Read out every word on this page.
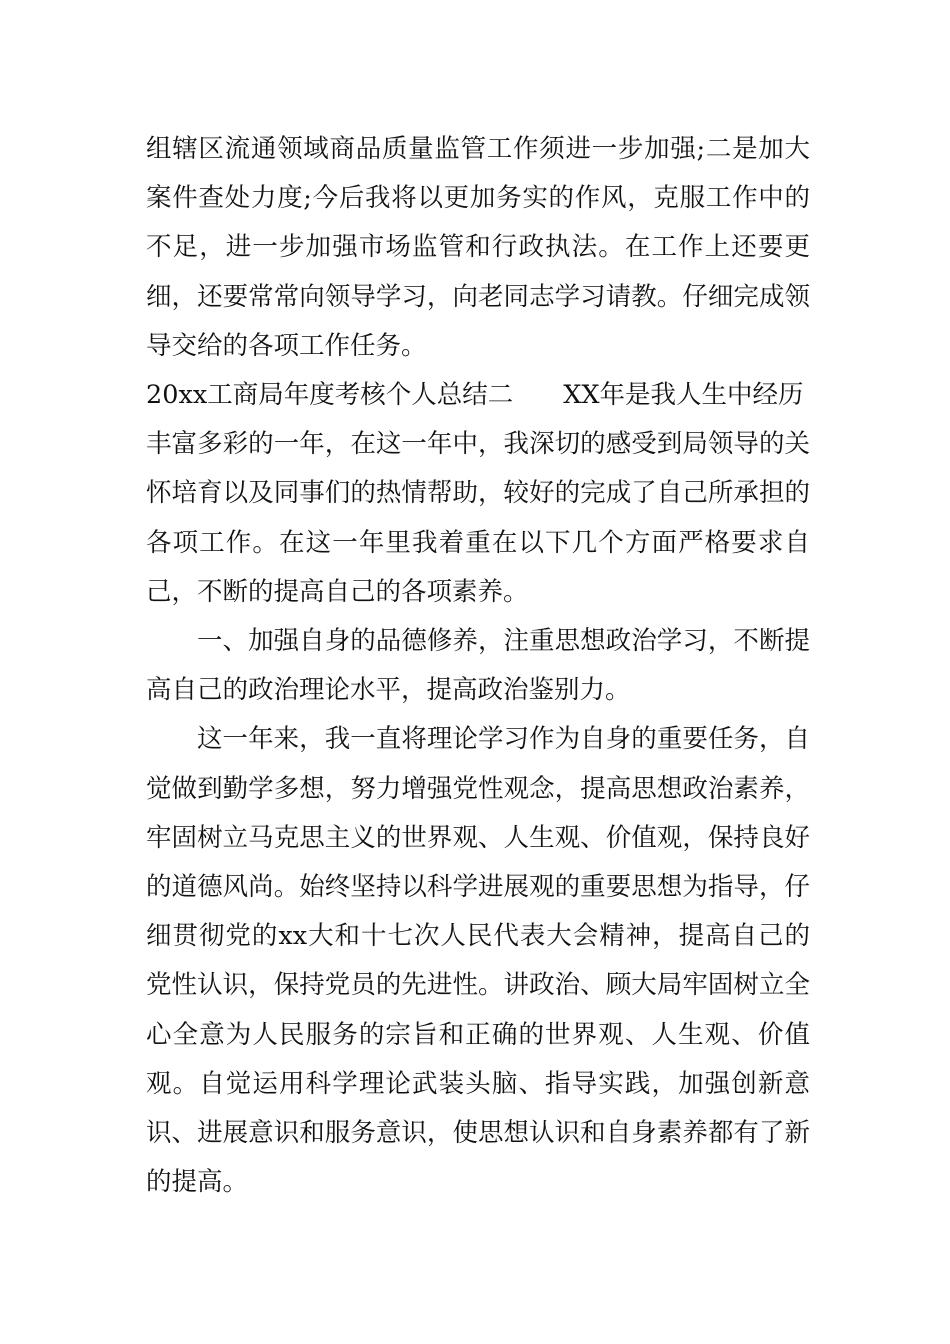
组辖区流通领域商品质量监管工作须进一步加强;二是加大案件查处力度;今后我将以更加务实的作风，克服工作中的不足，进一步加强市场监管和行政执法。在工作上还要更细，还要常常向领导学习，向老同志学习请教。仔细完成领导交给的各项工作任务。

20xx工商局年度考核个人总结二 XX年是我人生中经历

丰富多彩的一年，在这一年中，我深切的感受到局领导的关怀培育以及同事们的热情帮助，较好的完成了自己所承担的各项工作。在这一年里我着重在以下几个方面严格要求自己，不断的提高自己的各项素养。

一、加强自身的品德修养，注重思想政治学习，不断提高自己的政治理论水平，提高政治鉴别力。

这一年来，我一直将理论学习作为自身的重要任务，自觉做到勤学多想，努力增强党性观念，提高思想政治素养，牢固树立马克思主义的世界观、人生观、价值观，保持良好的道德风尚。始终坚持以科学进展观的重要思想为指导，仔细贯彻党的xx大和十七次人民代表大会精神，提高自己的党性认识，保持党员的先进性。讲政治、顾大局牢固树立全心全意为人民服务的宗旨和正确的世界观、人生观、价值观。自觉运用科学理论武装头脑、指导实践，加强创新意识、进展意识和服务意识，使思想认识和自身素养都有了新的提高。
